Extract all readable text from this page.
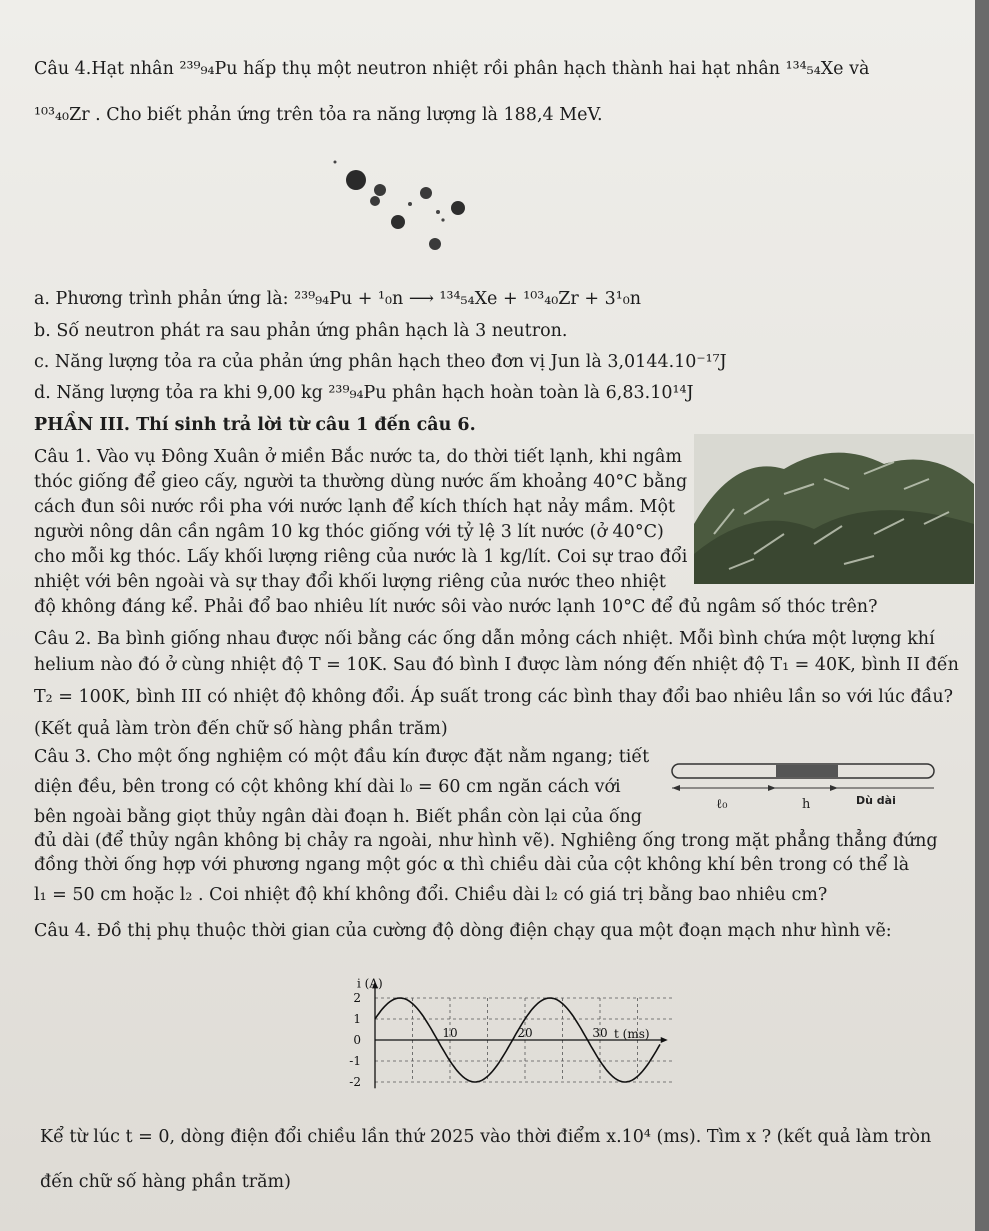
Câu 4.Hạt nhân ²³⁹₉₄Pu hấp thụ một neutron nhiệt rồi phân hạch thành hai hạt nhân ¹³⁴₅₄Xe và
¹⁰³₄₀Zr . Cho biết phản ứng trên tỏa ra năng lượng là 188,4 MeV.
a. Phương trình phản ứng là: ²³⁹₉₄Pu + ¹₀n ⟶ ¹³⁴₅₄Xe + ¹⁰³₄₀Zr + 3¹₀n
b. Số neutron phát ra sau phản ứng phân hạch là 3 neutron.
c. Năng lượng tỏa ra của phản ứng phân hạch theo đơn vị Jun là 3,0144.10⁻¹⁷J
d. Năng lượng tỏa ra khi 9,00 kg ²³⁹₉₄Pu phân hạch hoàn toàn là 6,83.10¹⁴J
PHẦN III. Thí sinh trả lời từ câu 1 đến câu 6.
Câu 1. Vào vụ Đông Xuân ở miền Bắc nước ta, do thời tiết lạnh, khi ngâm
thóc giống để gieo cấy, người ta thường dùng nước ấm khoảng 40°C bằng
cách đun sôi nước rồi pha với nước lạnh để kích thích hạt nảy mầm. Một
người nông dân cần ngâm 10 kg thóc giống với tỷ lệ 3 lít nước (ở 40°C)
cho mỗi kg thóc. Lấy khối lượng riêng của nước là 1 kg/lít. Coi sự trao đổi
nhiệt với bên ngoài và sự thay đổi khối lượng riêng của nước theo nhiệt
độ không đáng kể. Phải đổ bao nhiêu lít nước sôi vào nước lạnh 10°C để đủ ngâm số thóc trên?
Câu 2. Ba bình giống nhau được nối bằng các ống dẫn mỏng cách nhiệt. Mỗi bình chứa một lượng khí
helium nào đó ở cùng nhiệt độ T = 10K. Sau đó bình I được làm nóng đến nhiệt độ T₁ = 40K, bình II đến
T₂ = 100K, bình III có nhiệt độ không đổi. Áp suất trong các bình thay đổi bao nhiêu lần so với lúc đầu?
(Kết quả làm tròn đến chữ số hàng phần trăm)
Câu 3. Cho một ống nghiệm có một đầu kín được đặt nằm ngang; tiết
diện đều, bên trong có cột không khí dài l₀ = 60 cm ngăn cách với
bên ngoài bằng giọt thủy ngân dài đoạn h. Biết phần còn lại của ống
đủ dài (để thủy ngân không bị chảy ra ngoài, như hình vẽ). Nghiêng ống trong mặt phẳng thẳng đứng
đồng thời ống hợp với phương ngang một góc α thì chiều dài của cột không khí bên trong có thể là
l₁ = 50 cm hoặc l₂ . Coi nhiệt độ khí không đổi. Chiều dài l₂ có giá trị bằng bao nhiêu cm?
ℓ₀	h	Dù dài
Câu 4. Đồ thị phụ thuộc thời gian của cường độ dòng điện chạy qua một đoạn mạch như hình vẽ:
i (A)
t (ms)
2
1
0
-1
-2
10	20	30
Kể từ lúc t = 0, dòng điện đổi chiều lần thứ 2025 vào thời điểm x.10⁴ (ms). Tìm x ? (kết quả làm tròn
đến chữ số hàng phần trăm)
